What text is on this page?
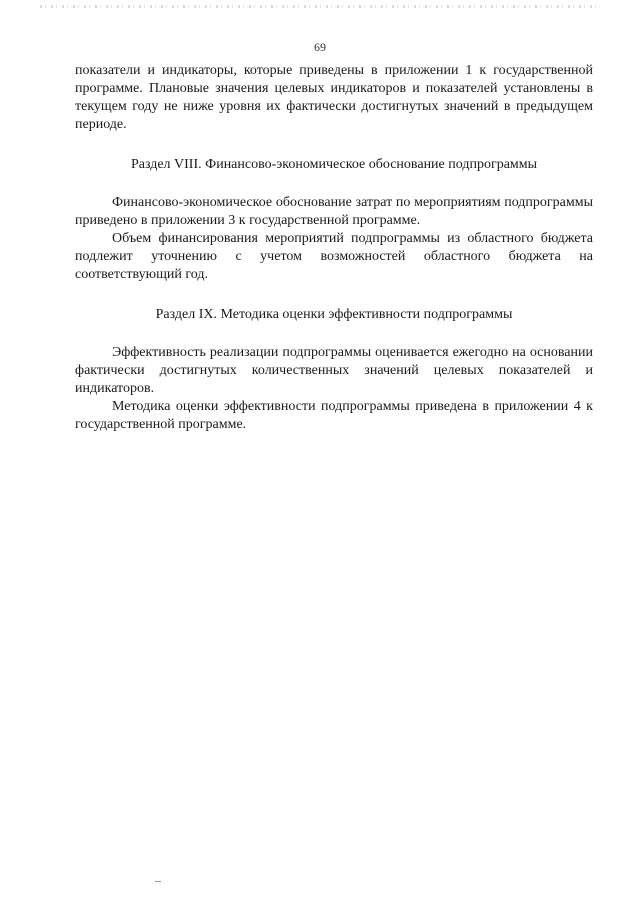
69

показатели и индикаторы, которые приведены в приложении 1 к государственной программе. Плановые значения целевых индикаторов и показателей установлены в текущем году не ниже уровня их фактически достигнутых значений в предыдущем периоде.

Раздел VIII. Финансово-экономическое обоснование подпрограммы

Финансово-экономическое обоснование затрат по мероприятиям подпрограммы приведено в приложении 3 к государственной программе.

Объем финансирования мероприятий подпрограммы из областного бюджета подлежит уточнению с учетом возможностей областного бюджета на соответствующий год.

Раздел IX. Методика оценки эффективности подпрограммы

Эффективность реализации подпрограммы оценивается ежегодно на основании фактически достигнутых количественных значений целевых показателей и индикаторов.

Методика оценки эффективности подпрограммы приведена в приложении 4 к государственной программе.
